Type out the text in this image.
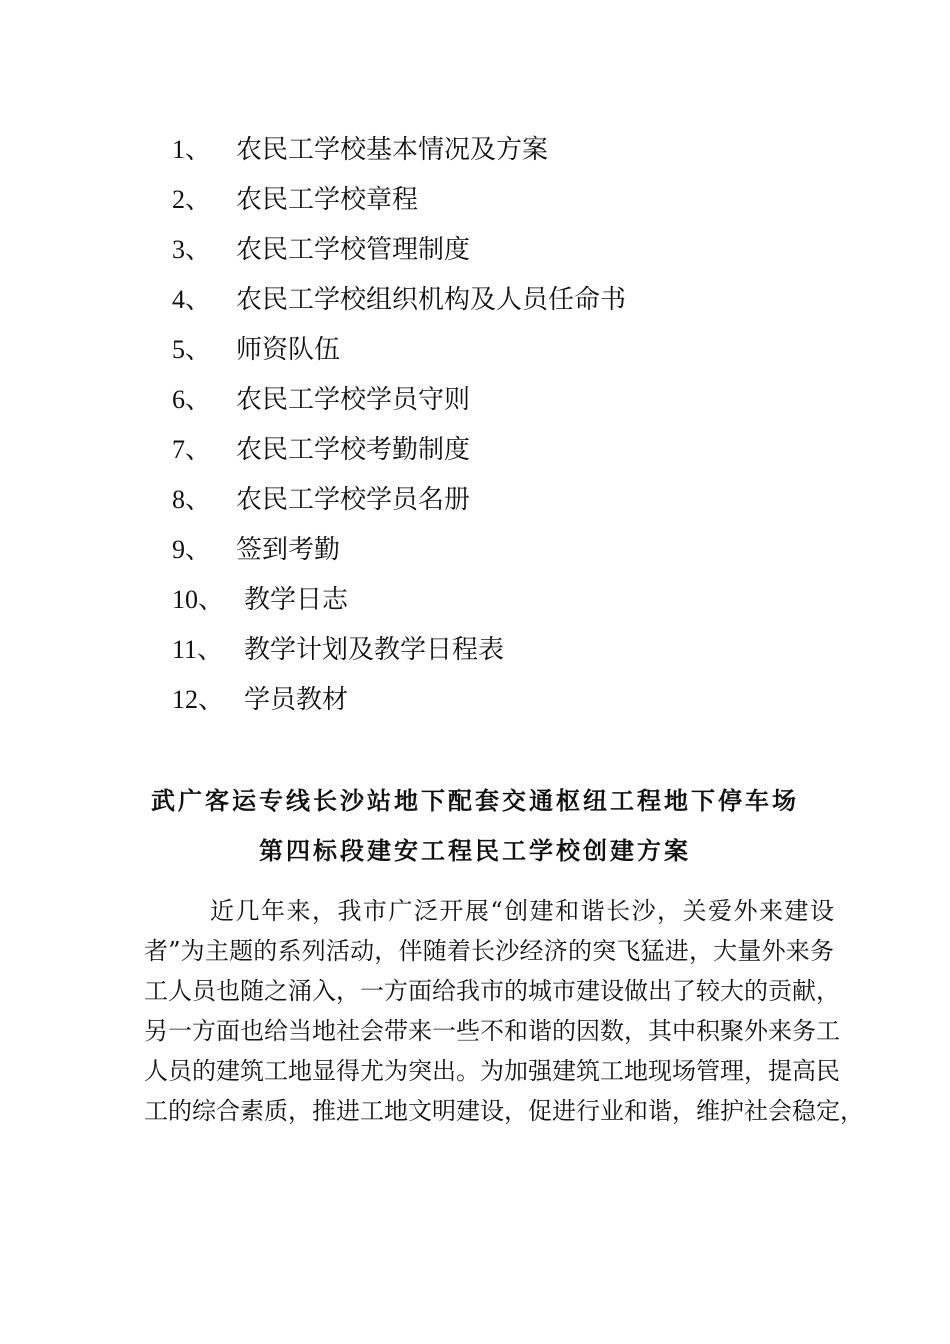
1、 农民工学校基本情况及方案
2、 农民工学校章程
3、 农民工学校管理制度
4、 农民工学校组织机构及人员任命书
5、 师资队伍
6、 农民工学校学员守则
7、 农民工学校考勤制度
8、 农民工学校学员名册
9、 签到考勤
10、 教学日志
11、 教学计划及教学日程表
12、 学员教材
武广客运专线长沙站地下配套交通枢纽工程地下停车场
第四标段建安工程民工学校创建方案
近几年来，我市广泛开展“创建和谐长沙，关爱外来建设
者”为主题的系列活动，伴随着长沙经济的突飞猛进，大量外来务
工人员也随之涌入，一方面给我市的城市建设做出了较大的贡献，
另一方面也给当地社会带来一些不和谐的因数，其中积聚外来务工
人员的建筑工地显得尤为突出。为加强建筑工地现场管理，提高民
工的综合素质，推进工地文明建设，促进行业和谐，维护社会稳定，
